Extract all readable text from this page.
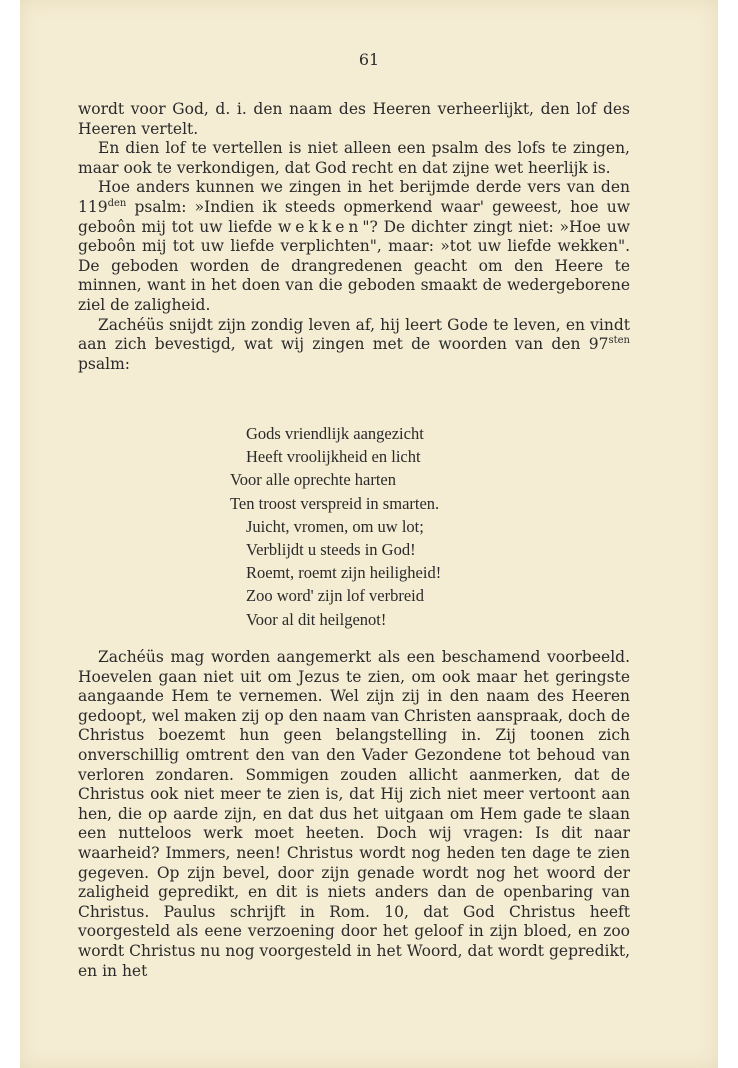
61

wordt voor God, d. i. den naam des Heeren verheerlijkt, den lof des Heeren vertelt.

En dien lof te vertellen is niet alleen een psalm des lofs te zingen, maar ook te verkondigen, dat God recht en dat zijne wet heerlijk is.

Hoe anders kunnen we zingen in het berijmde derde vers van den $119^{den}$ psalm: »Indien ik steeds opmerkend waar' geweest, hoe uw geboôn mij tot uw liefde wekken"? De dichter zingt niet: »Hoe uw geboôn mij tot uw liefde verplichten", maar: »tot uw liefde wekken". De geboden worden de drangredenen geacht om den Heere te minnen, want in het doen van die geboden smaakt de wedergeborene ziel de zaligheid.

Zachéüs snijdt zijn zondig leven af, hij leert Gode te leven, en vindt aan zich bevestigd, wat wij zingen met de woorden van den $97^{sten}$ psalm:

Gods vriendlijk aangezicht
Heeft vroolijkheid en licht
Voor alle oprechte harten
Ten troost verspreid in smarten.
Juicht, vromen, om uw lot;
Verblijdt u steeds in God!
Roemt, roemt zijn heiligheid!
Zoo word' zijn lof verbreid
Voor al dit heilgenot!

Zachéüs mag worden aangemerkt als een beschamend voorbeeld. Hoevelen gaan niet uit om Jezus te zien, om ook maar het geringste aangaande Hem te vernemen. Wel zijn zij in den naam des Heeren gedoopt, wel maken zij op den naam van Christen aanspraak, doch de Christus boezemt hun geen belangstelling in. Zij toonen zich onverschillig omtrent den van den Vader Gezondene tot behoud van verloren zondaren. Sommigen zouden allicht aanmerken, dat de Christus ook niet meer te zien is, dat Hij zich niet meer vertoont aan hen, die op aarde zijn, en dat dus het uitgaan om Hem gade te slaan een nutteloos werk moet heeten. Doch wij vragen: Is dit naar waarheid? Immers, neen! Christus wordt nog heden ten dage te zien gegeven. Op zijn bevel, door zijn genade wordt nog het woord der zaligheid gepredikt, en dit is niets anders dan de openbaring van Christus. Paulus schrijft in Rom. 10, dat God Christus heeft voorgesteld als eene verzoening door het geloof in zijn bloed, en zoo wordt Christus nu nog voorgesteld in het Woord, dat wordt gepredikt, en in het
